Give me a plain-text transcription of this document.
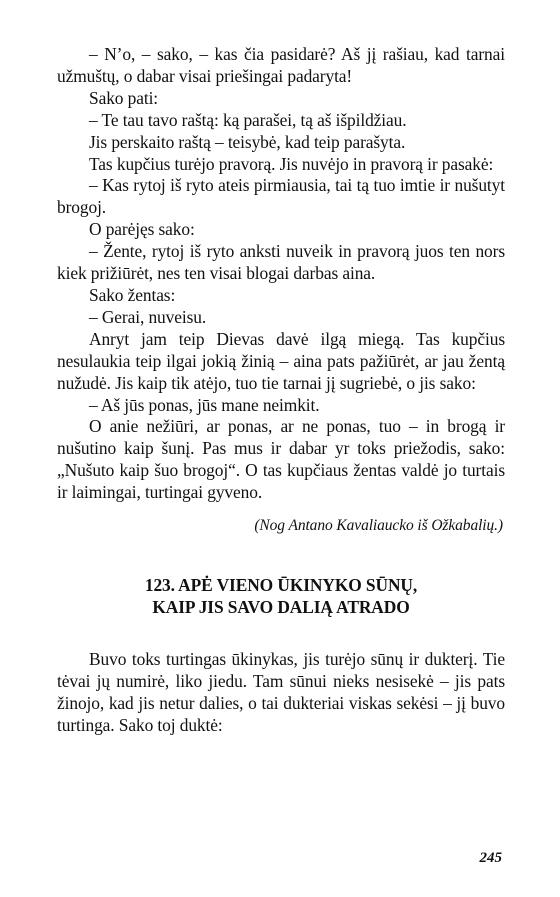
– N’o, – sako, – kas čia pasidarė? Aš jį rašiau, kad tarnai užmuštų, o dabar visai priešingai padaryta!

Sako pati:

– Te tau tavo raštą: ką parašei, tą aš išpildžiau.

Jis perskaito raštą – teisybė, kad teip parašyta.

Tas kupčius turėjo pravorą. Jis nuvėjo in pravorą ir pasakė:

– Kas rytoj iš ryto ateis pirmiausia, tai tą tuo imtie ir nušutyt brogoj.

O parėjęs sako:

– Žente, rytoj iš ryto anksti nuveik in pravorą juos ten nors kiek prižiūrėt, nes ten visai blogai darbas aina.

Sako žentas:

– Gerai, nuveisu.

Anryt jam teip Dievas davė ilgą miegą. Tas kupčius nesulaukia teip ilgai jokią žinią – aina pats pažiūrėt, ar jau žentą nužudė. Jis kaip tik atėjo, tuo tie tarnai jį sugriebė, o jis sako:

– Aš jūs ponas, jūs mane neimkit.

O anie nežiūri, ar ponas, ar ne ponas, tuo – in brogą ir nušutino kaip šunį. Pas mus ir dabar yr toks priežodis, sako: „Nušuto kaip šuo brogoj“. O tas kupčiaus žentas valdė jo turtais ir laimingai, turtingai gyveno.

(Nog Antano Kavaliaucko iš Ožkabalių.)

123. APĖ VIENO ŪKINYKO SŪNŲ,
KAIP JIS SAVO DALIĄ ATRADO

Buvo toks turtingas ūkinykas, jis turėjo sūnų ir dukterį. Tie tėvai jų numirė, liko jiedu. Tam sūnui nieks nesisekė – jis pats žinojo, kad jis netur dalies, o tai dukteriai viskas sekėsi – jį buvo turtinga. Sako toj duktė:

245
